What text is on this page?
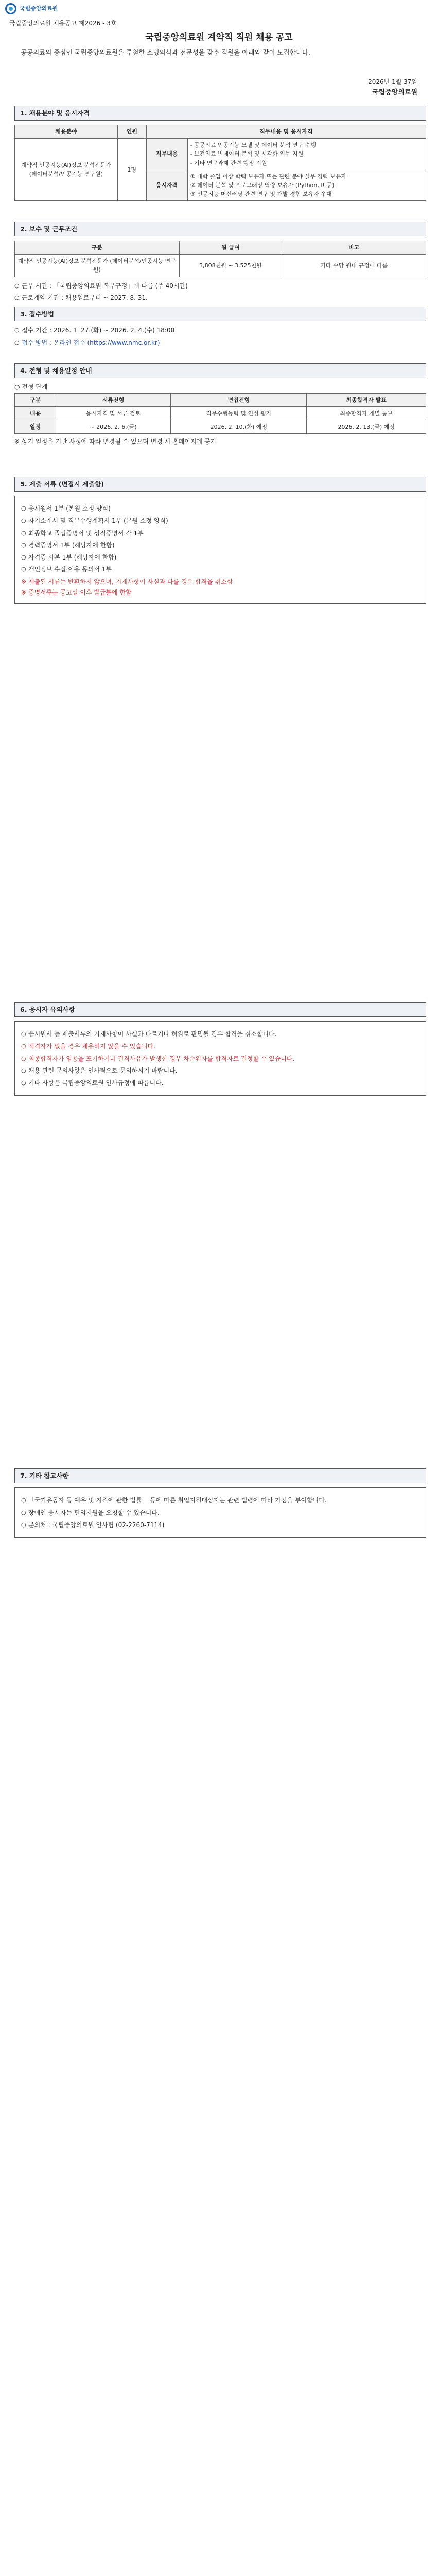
국립중앙의료원
국립중앙의료원 채용공고 제2026 - 3호
국립중앙의료원 계약직 직원 채용 공고
공공의료의 중심인 국립중앙의료원은 투철한 소명의식과 전문성을 갖춘 직원을 아래와 같이 모집합니다.
2026년 1월 37일
국립중앙의료원
1. 채용분야 및 응시자격
채용분야	인원	직무내용 및 응시자격	
계약직 인공지능(AI)정보 분석전문가 (데이터분석/인공지능 연구원)	1명	직무내용	- 공공의료 인공지능 모델 및 데이터 분석 연구 수행
- 보건의료 빅데이터 분석 및 시각화 업무 지원
- 기타 연구과제 관련 행정 지원

		응시자격	① 대학 졸업 이상 학력 보유자 또는 관련 분야 실무 경력 보유자
② 데이터 분석 및 프로그래밍 역량 보유자 (Python, R 등)
③ 인공지능·머신러닝 관련 연구 및 개발 경험 보유자 우대
2. 보수 및 근무조건
구분	월 급여	비고
계약직 인공지능(AI)정보 분석전문가 (데이터분석/인공지능 연구원)	3,808천원 ~ 3,525천원	기타 수당 원내 규정에 따름
○ 근무 시간 : 「국립중앙의료원 복무규정」에 따름 (주 40시간)
○ 근로계약 기간 : 채용일로부터 ~ 2027. 8. 31.
3. 접수방법
○ 접수 기간 : 2026. 1. 27.(화) ~ 2026. 2. 4.(수) 18:00
○ 접수 방법 : 온라인 접수 (https://www.nmc.or.kr)
4. 전형 및 채용일정 안내

○ 전형 단계

구분	서류전형	면접전형	최종합격자 발표
내용	응시자격 및 서류 검토	직무수행능력 및 인성 평가	최종합격자 개별 통보
일정	~ 2026. 2. 6.(금)	2026. 2. 10.(화) 예정	2026. 2. 13.(금) 예정

※ 상기 일정은 기관 사정에 따라 변경될 수 있으며 변경 시 홈페이지에 공지

5. 제출 서류 (면접시 제출함)
○ 응시원서 1부 (본원 소정 양식)
○ 자기소개서 및 직무수행계획서 1부 (본원 소정 양식)
○ 최종학교 졸업증명서 및 성적증명서 각 1부
○ 경력증명서 1부 (해당자에 한함)
○ 자격증 사본 1부 (해당자에 한함)
○ 개인정보 수집·이용 동의서 1부

※ 제출된 서류는 반환하지 않으며, 기재사항이 사실과 다를 경우 합격을 취소함

※ 증명서류는 공고일 이후 발급분에 한함

6. 응시자 유의사항
○ 응시원서 등 제출서류의 기재사항이 사실과 다르거나 허위로 판명될 경우 합격을 취소합니다.
○ 적격자가 없을 경우 채용하지 않을 수 있습니다.
○ 최종합격자가 임용을 포기하거나 결격사유가 발생한 경우 차순위자를 합격자로 결정할 수 있습니다.
○ 채용 관련 문의사항은 인사팀으로 문의하시기 바랍니다.
○ 기타 사항은 국립중앙의료원 인사규정에 따릅니다.
7. 기타 참고사항
○ 「국가유공자 등 예우 및 지원에 관한 법률」 등에 따른 취업지원대상자는 관련 법령에 따라 가점을 부여합니다.
○ 장애인 응시자는 편의지원을 요청할 수 있습니다.
○ 문의처 : 국립중앙의료원 인사팀 (02-2260-7114)
